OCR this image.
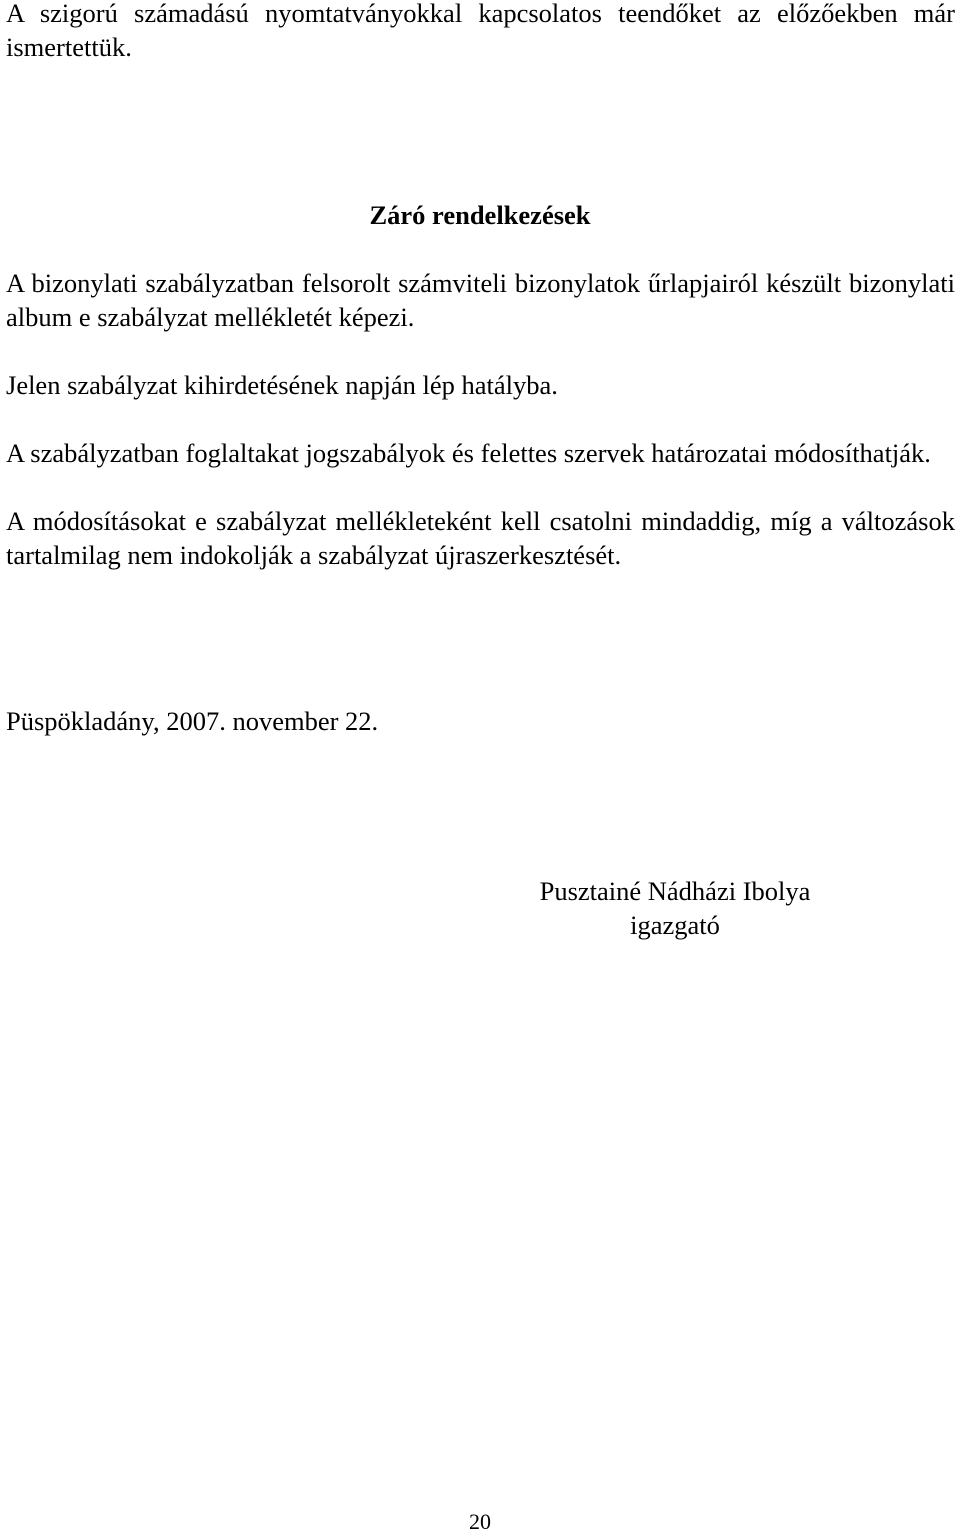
A szigorú számadású nyomtatványokkal kapcsolatos teendőket az előzőekben már ismertettük.

Záró rendelkezések

A bizonylati szabályzatban felsorolt számviteli bizonylatok űrlapjairól készült bizonylati album e szabályzat mellékletét képezi.

Jelen szabályzat kihirdetésének napján lép hatályba.

A szabályzatban foglaltakat jogszabályok és felettes szervek határozatai módosíthatják.

A módosításokat e szabályzat mellékleteként kell csatolni mindaddig, míg a változások tartalmilag nem indokolják a szabályzat újraszerkesztését.

Püspökladány, 2007. november 22.

Pusztainé Nádházi Ibolya
igazgató
20
